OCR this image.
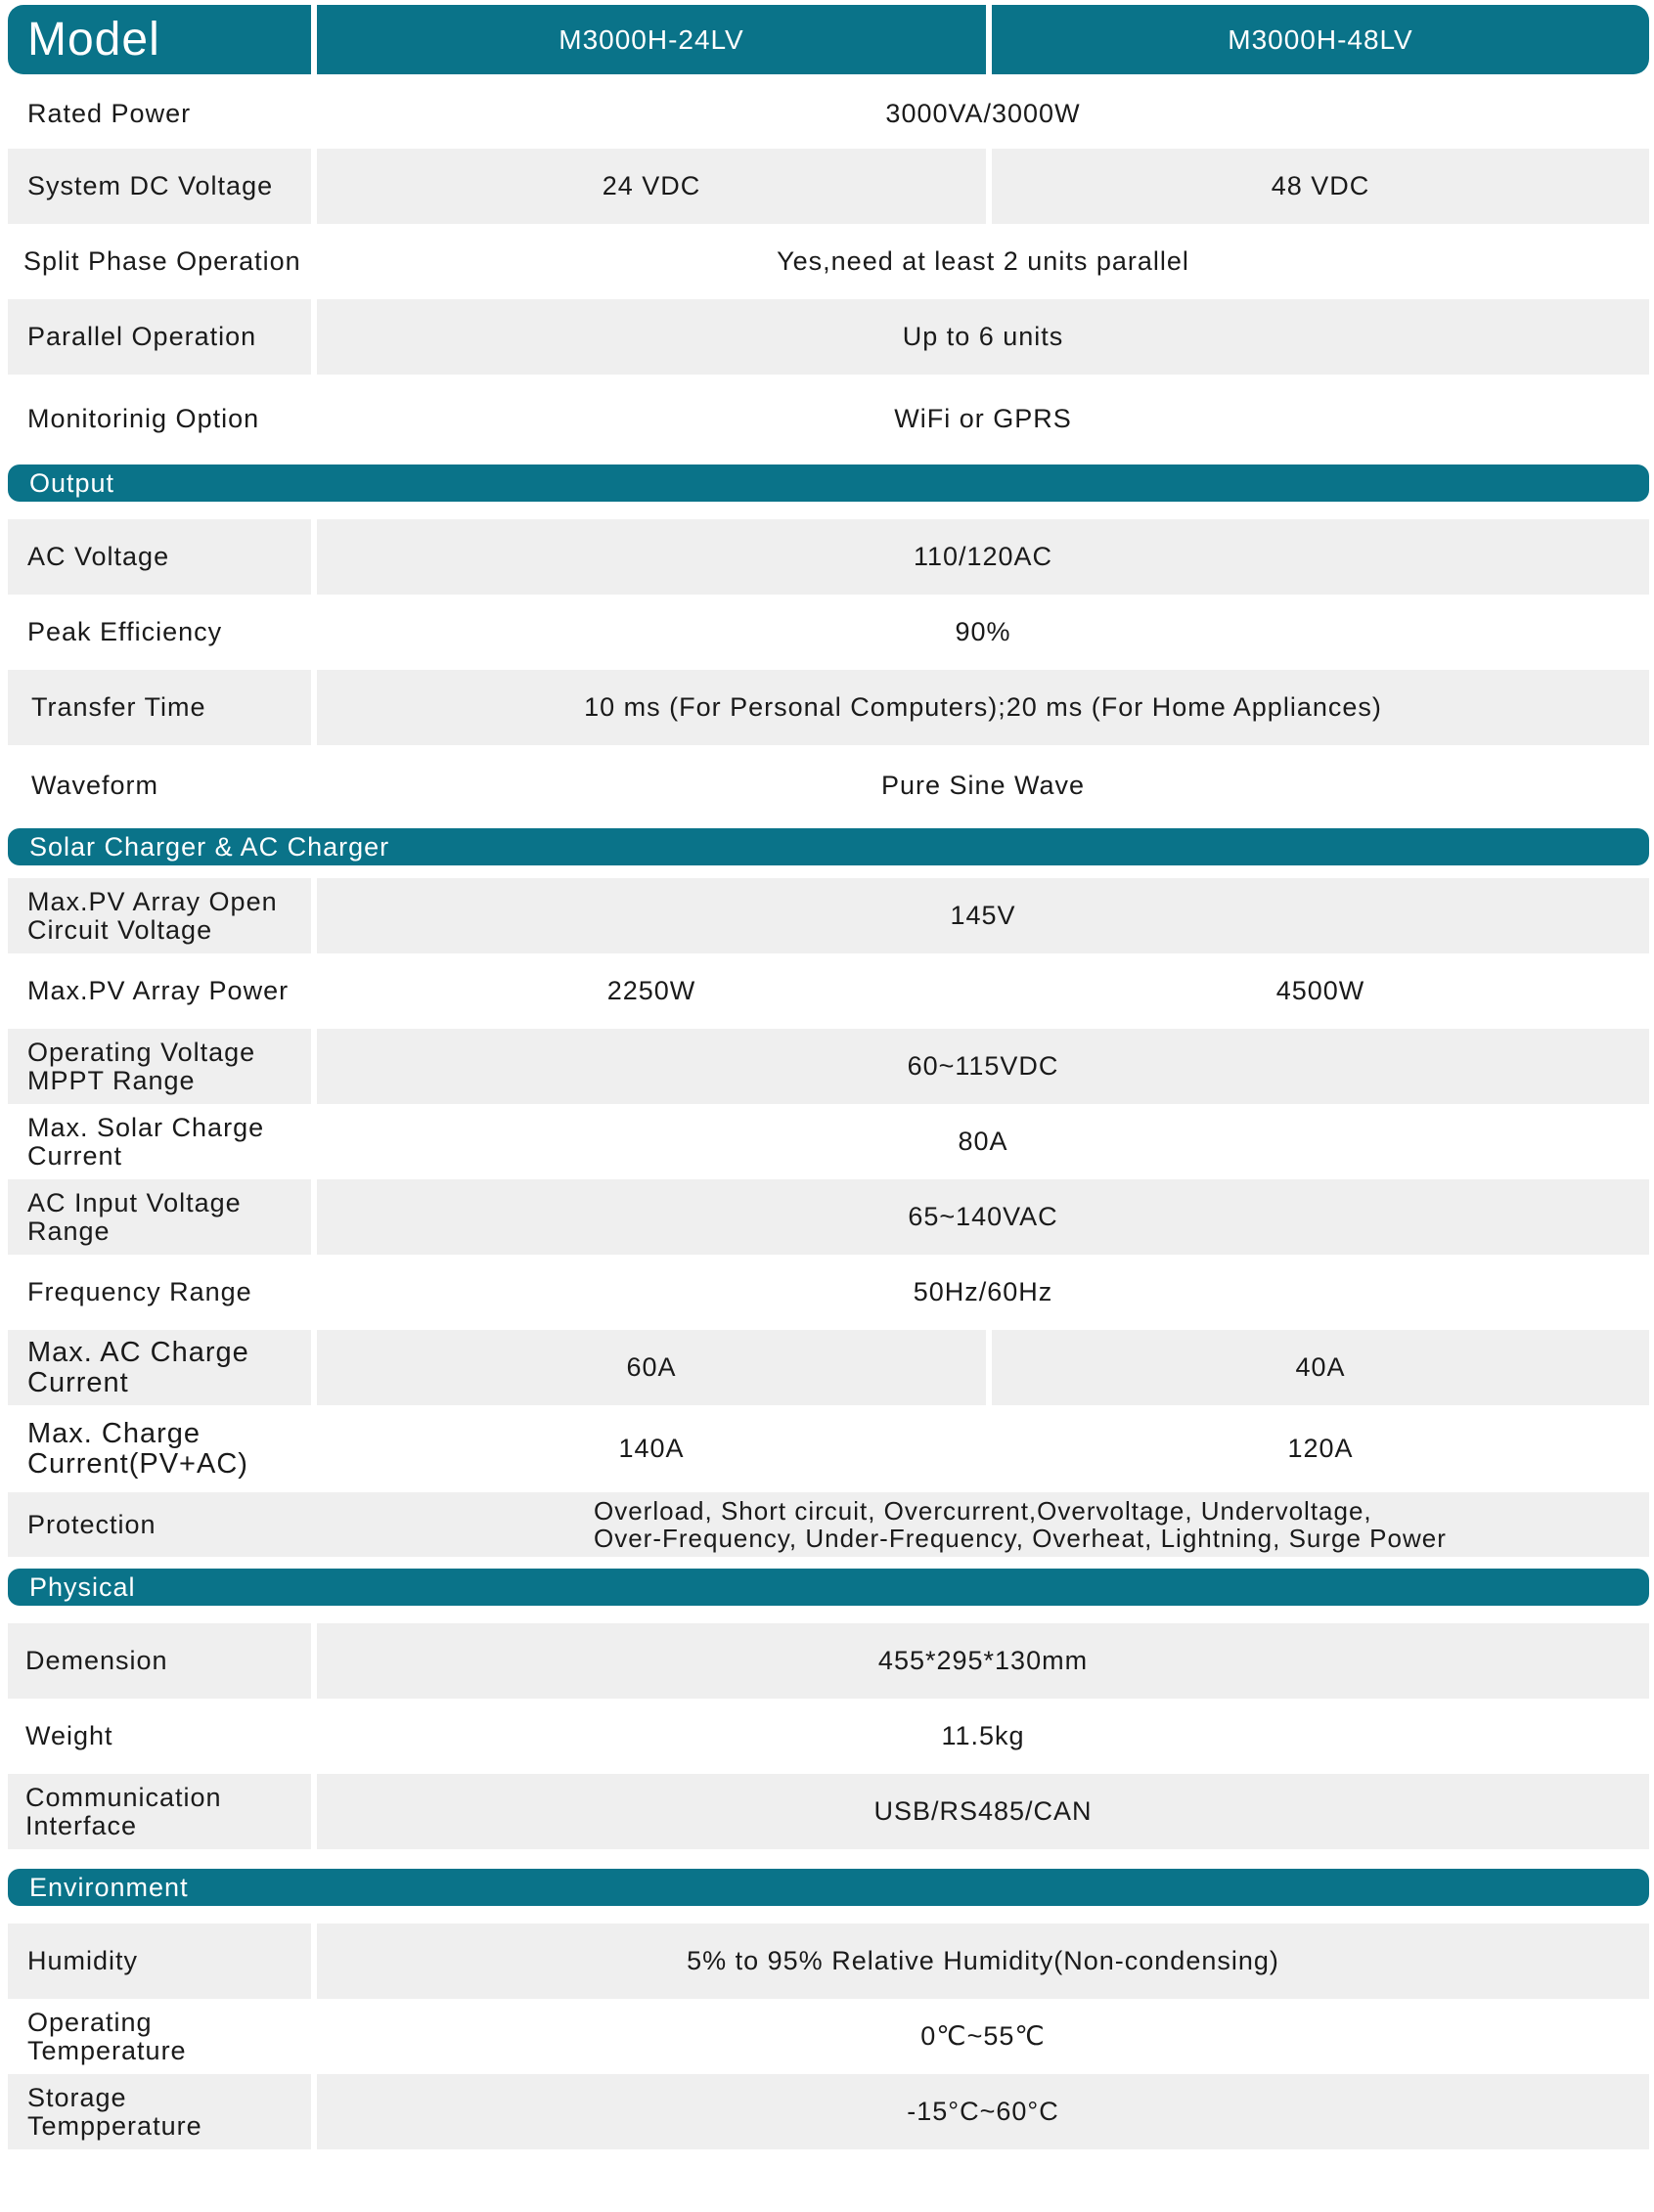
Model	M3000H-24LV	M3000H-48LV
Rated Power	3000VA/3000W
System DC Voltage	24 VDC	48 VDC
Split Phase Operation	Yes,need at least 2 units parallel
Parallel Operation	Up to 6 units
Monitorinig Option	WiFi or GPRS
Output
AC Voltage	110/120AC
Peak Efficiency	90%
Transfer Time	10 ms (For Personal Computers);20 ms (For Home Appliances)
Waveform	Pure Sine Wave
Solar Charger & AC Charger
Max.PV Array Open
Circuit Voltage	145V
Max.PV Array Power	2250W	4500W
Operating Voltage
MPPT Range	60~115VDC
Max. Solar Charge
Current	80A
AC Input Voltage
Range	65~140VAC
Frequency Range	50Hz/60Hz
Max. AC Charge
Current	60A	40A
Max. Charge
Current(PV+AC)	140A	120A
Protection	Overload, Short circuit, Overcurrent,Overvoltage, Undervoltage,
Over-Frequency, Under-Frequency, Overheat, Lightning, Surge Power
Physical
Demension	455*295*130mm
Weight	11.5kg
Communication
Interface	USB/RS485/CAN
Environment
Humidity	5% to 95% Relative Humidity(Non-condensing)
Operating
Temperature	0℃~55℃
Storage
Tempperature	-15°C~60°C
